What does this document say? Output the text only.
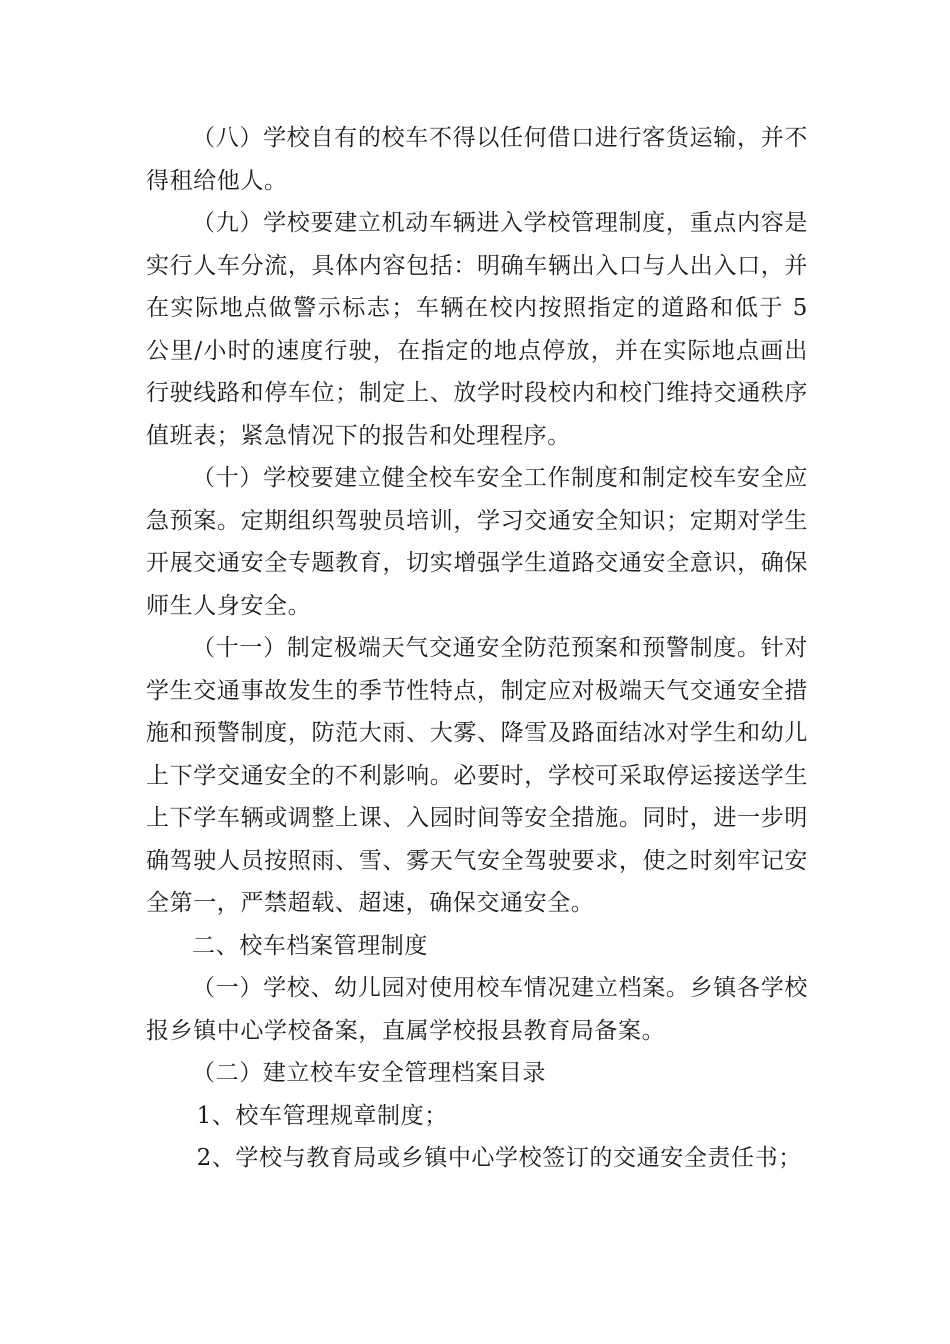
（八）学校自有的校车不得以任何借口进行客货运输，并不得租给他人。

（九）学校要建立机动车辆进入学校管理制度，重点内容是实行人车分流，具体内容包括：明确车辆出入口与人出入口，并在实际地点做警示标志；车辆在校内按照指定的道路和低于 5 公里/小时的速度行驶，在指定的地点停放，并在实际地点画出行驶线路和停车位；制定上、放学时段校内和校门维持交通秩序值班表；紧急情况下的报告和处理程序。

（十）学校要建立健全校车安全工作制度和制定校车安全应急预案。定期组织驾驶员培训，学习交通安全知识；定期对学生开展交通安全专题教育，切实增强学生道路交通安全意识，确保师生人身安全。

（十一）制定极端天气交通安全防范预案和预警制度。针对学生交通事故发生的季节性特点，制定应对极端天气交通安全措施和预警制度，防范大雨、大雾、降雪及路面结冰对学生和幼儿上下学交通安全的不利影响。必要时，学校可采取停运接送学生上下学车辆或调整上课、入园时间等安全措施。同时，进一步明确驾驶人员按照雨、雪、雾天气安全驾驶要求，使之时刻牢记安全第一，严禁超载、超速，确保交通安全。

二、校车档案管理制度

（一）学校、幼儿园对使用校车情况建立档案。乡镇各学校报乡镇中心学校备案，直属学校报县教育局备案。

（二）建立校车安全管理档案目录

1、校车管理规章制度；

2、学校与教育局或乡镇中心学校签订的交通安全责任书；
